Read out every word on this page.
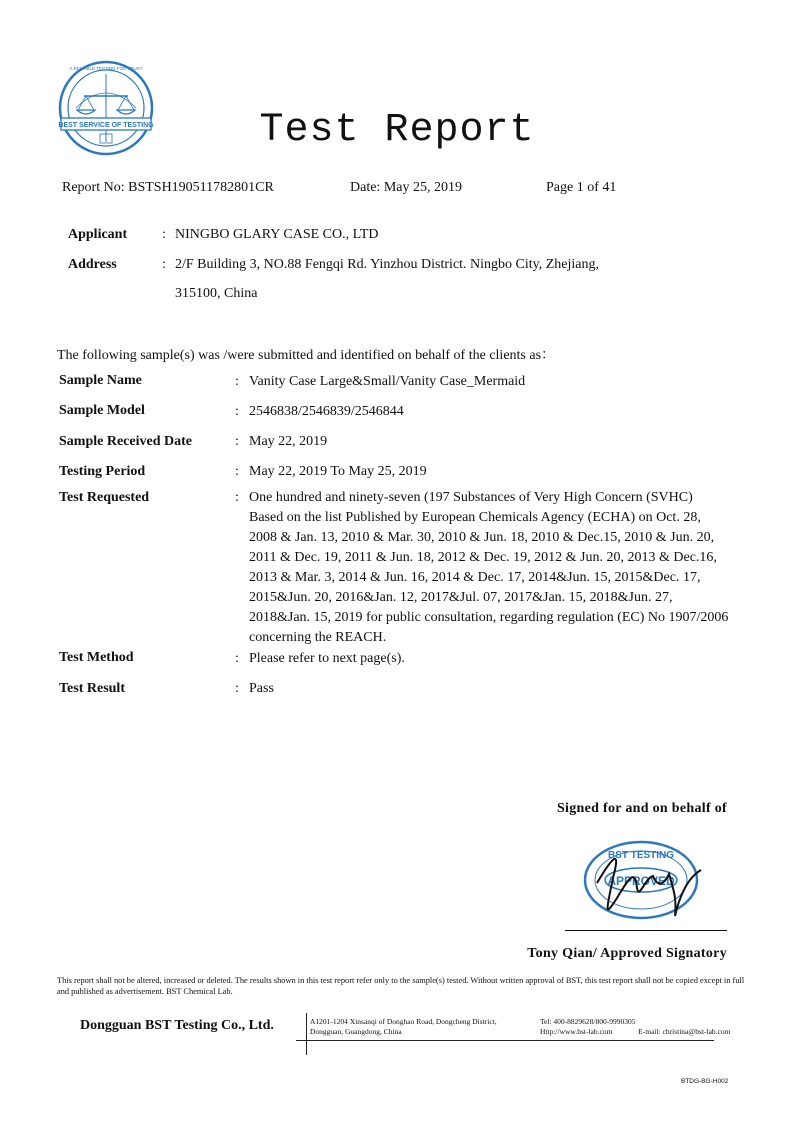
BEST SERVICE OF TESTING
A RELIABLE TESTING FOR TRUST
Test Report
Report No: BSTSH190511782801CR	Date: May 25, 2019	Page 1 of 41
Applicant : NINGBO GLARY CASE CO., LTD
Address	: 2/F Building 3, NO.88 Fengqi Rd. Yinzhou District. Ningbo City, Zhejiang,
315100, China
The following sample(s) was /were submitted and identified on behalf of the clients as：
Sample Name	: Vanity Case Large&Small/Vanity Case_Mermaid
Sample Model	: 2546838/2546839/2546844
Sample Received Date	: May 22, 2019
Testing Period	: May 22, 2019 To May 25, 2019
Test Requested	: One hundred and ninety-seven (197 Substances of Very High Concern (SVHC) Based on the list Published by European Chemicals Agency (ECHA) on Oct. 28, 2008 & Jan. 13, 2010 & Mar. 30, 2010 & Jun. 18, 2010 & Dec.15, 2010 & Jun. 20, 2011 & Dec. 19, 2011 & Jun. 18, 2012 & Dec. 19, 2012 & Jun. 20, 2013 & Dec.16, 2013 & Mar. 3, 2014 & Jun. 16, 2014 & Dec. 17, 2014&Jun. 15, 2015&Dec. 17, 2015&Jun. 20, 2016&Jan. 12, 2017&Jul. 07, 2017&Jan. 15, 2018&Jun. 27, 2018&Jan. 15, 2019 for public consultation, regarding regulation (EC) No 1907/2006 concerning the REACH.
Test Method	: Please refer to next page(s).
Test Result	: Pass
Signed for and on behalf of
BST TESTING
APPROVED
Tony Qian/ Approved Signatory
This report shall not be altered, increased or deleted. The results shown in this test report refer only to the sample(s) tested. Without written approval of BST, this test report shall not be copied except in full and published as advertisement. BST Chemical Lab.
Dongguan BST Testing Co., Ltd.	A1201-1204 Xinsanqi of Donghao Road, Dongcheng District,
Dongguan, Guangdong, China
Tel: 400-8829628/800-9990305
Http://www.bst-lab.com	E-mail: christina@bst-lab.com
BTDG-BG-H002
